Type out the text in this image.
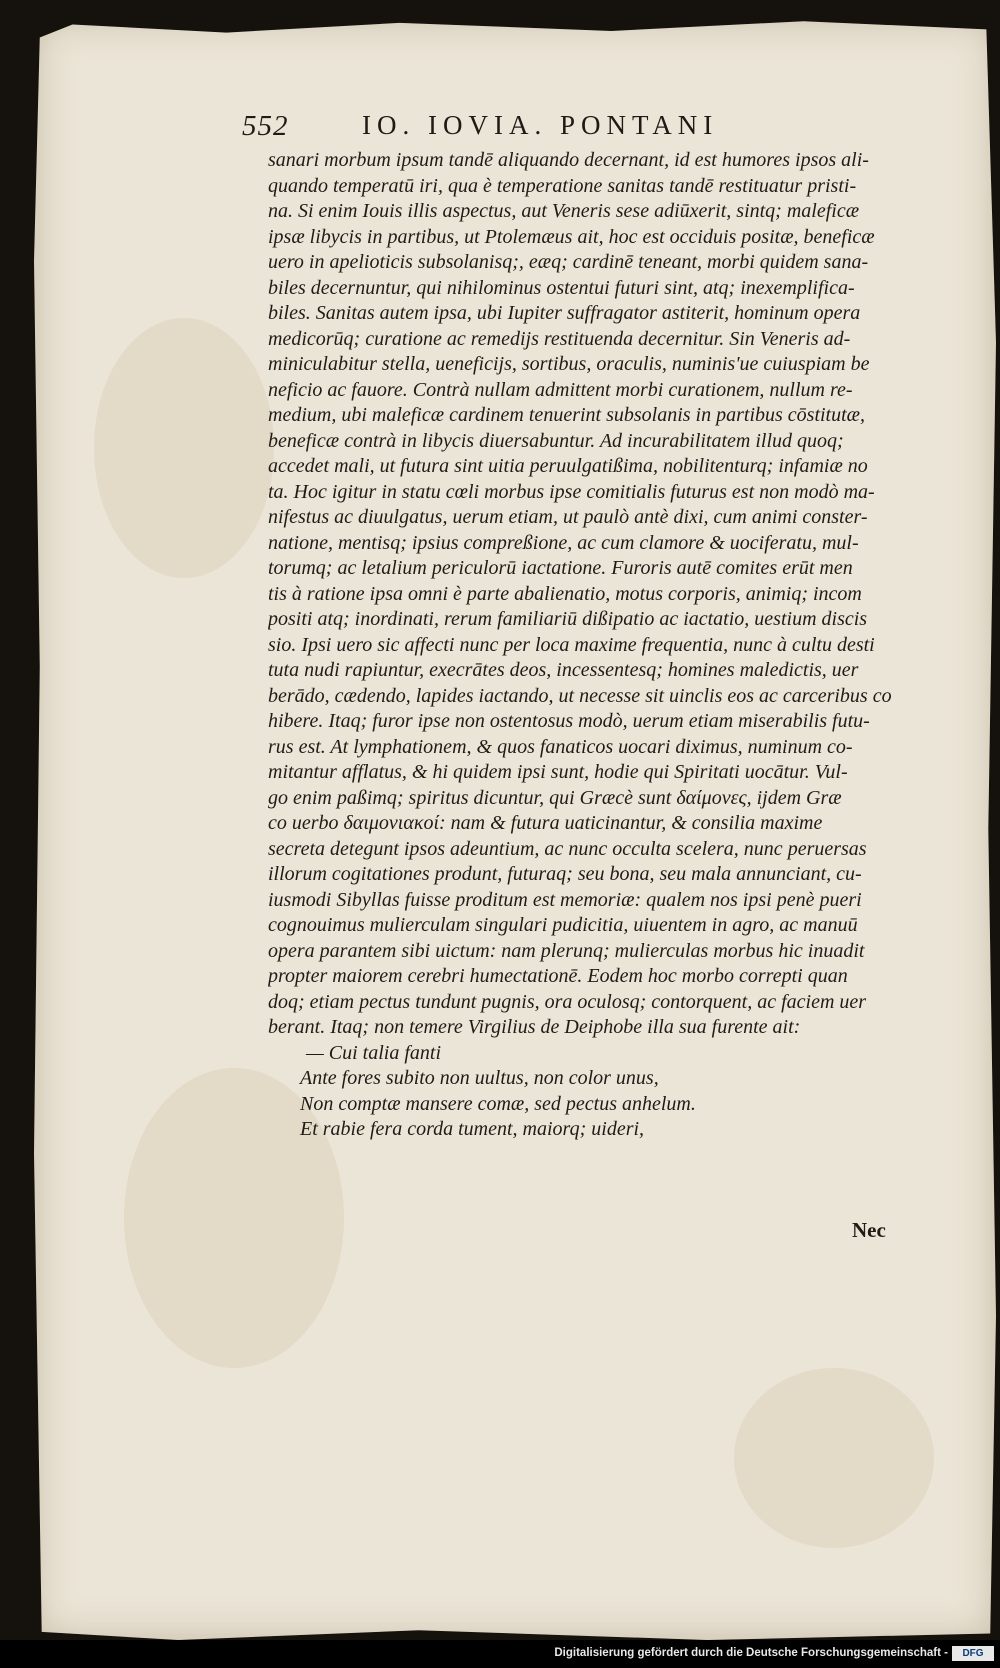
552	IO. IOVIA. PONTANI
sanari morbum ipsum tandē aliquando decernant, id est humores ipsos ali-
quando temperatū iri, qua è temperatione sanitas tandē restituatur pristi-
na. Si enim Iouis illis aspectus, aut Veneris sese adiūxerit, sintq; maleficæ
ipsæ libycis in partibus, ut Ptolemæus ait, hoc est occiduis positæ, beneficæ
uero in apelioticis subsolanisq;, eæq; cardinē teneant, morbi quidem sana-
biles decernuntur, qui nihilominus ostentui futuri sint, atq; inexemplifica-
biles. Sanitas autem ipsa, ubi Iupiter suffragator astiterit, hominum opera
medicorūq; curatione ac remedijs restituenda decernitur. Sin Veneris ad-
miniculabitur stella, ueneficijs, sortibus, oraculis, numinis'ue cuiuspiam be
neficio ac fauore. Contrà nullam admittent morbi curationem, nullum re-
medium, ubi maleficæ cardinem tenuerint subsolanis in partibus cōstitutæ,
beneficæ contrà in libycis diuersabuntur. Ad incurabilitatem illud quoq;
accedet mali, ut futura sint uitia peruulgatißima, nobilitenturq; infamiæ no
ta. Hoc igitur in statu cœli morbus ipse comitialis futurus est non modò ma-
nifestus ac diuulgatus, uerum etiam, ut paulò antè dixi, cum animi conster-
natione, mentisq; ipsius compreßione, ac cum clamore & uociferatu, mul-
torumq; ac letalium periculorū iactatione. Furoris autē comites erūt men
tis à ratione ipsa omni è parte abalienatio, motus corporis, animiq; incom
positi atq; inordinati, rerum familiariū dißipatio ac iactatio, uestium discis
sio. Ipsi uero sic affecti nunc per loca maxime frequentia, nunc à cultu desti
tuta nudi rapiuntur, execrātes deos, incessentesq; homines maledictis, uer
berādo, cædendo, lapides iactando, ut necesse sit uinclis eos ac carceribus co
hibere. Itaq; furor ipse non ostentosus modò, uerum etiam miserabilis futu-
rus est. At lymphationem, & quos fanaticos uocari diximus, numinum co-
mitantur afflatus, & hi quidem ipsi sunt, hodie qui Spiritati uocātur. Vul-
go enim paßimq; spiritus dicuntur, qui Græcè sunt δαίμονες, ijdem Græ
co uerbo δαιμονιακοί: nam & futura uaticinantur, & consilia maxime
secreta detegunt ipsos adeuntium, ac nunc occulta scelera, nunc peruersas
illorum cogitationes produnt, futuraq; seu bona, seu mala annunciant, cu-
iusmodi Sibyllas fuisse proditum est memoriæ: qualem nos ipsi penè pueri
cognouimus mulierculam singulari pudicitia, uiuentem in agro, ac manuū
opera parantem sibi uictum: nam plerunq; mulierculas morbus hic inuadit
propter maiorem cerebri humectationē. Eodem hoc morbo correpti quan
doq; etiam pectus tundunt pugnis, ora oculosq; contorquent, ac faciem uer
berant. Itaq; non temere Virgilius de Deiphobe illa sua furente ait:
— Cui talia fanti
Ante fores subito non uultus, non color unus,
Non comptæ mansere comæ, sed pectus anhelum.
Et rabie fera corda tument, maiorq; uideri,
Nec
Digitalisierung gefördert durch die Deutsche Forschungsgemeinschaft -	DFG
